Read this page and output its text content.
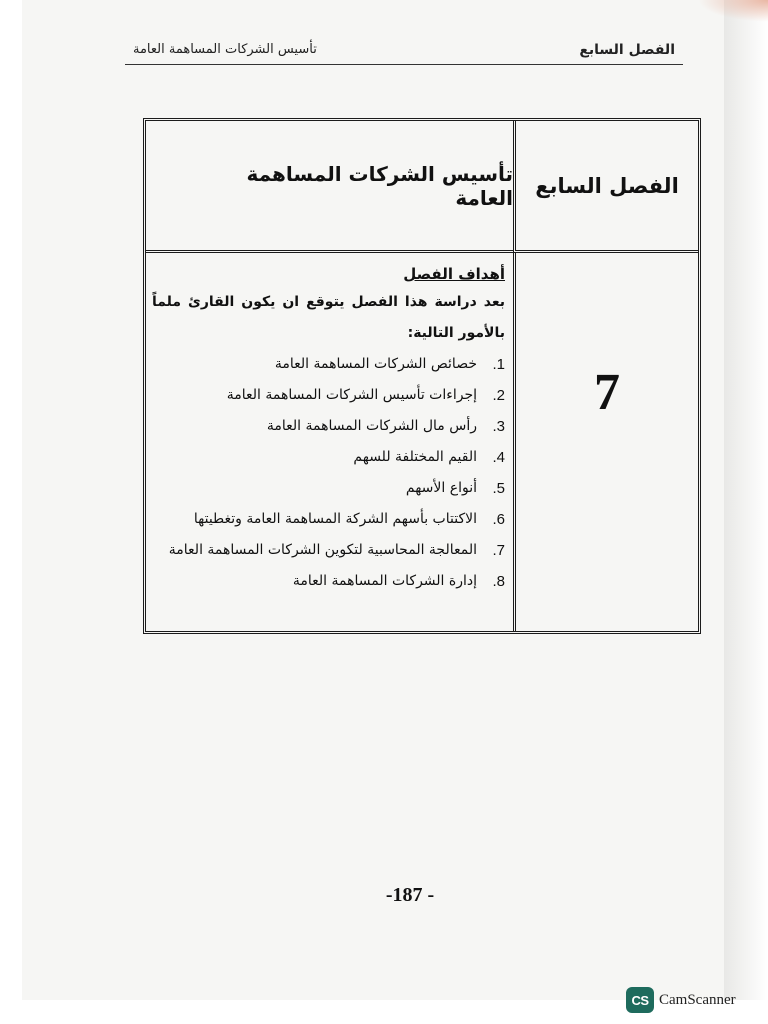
الفصل السابع
تأسيس الشركات المساهمة العامة
الفصل السابع
تأسيس الشركات المساهمة العامة
7
أهداف الفصل
بعد دراسة هذا الفصل يتوقع ان يكون القارئ ملماً بالأمور التالية:
1.
خصائص الشركات المساهمة العامة
2.
إجراءات تأسيس الشركات المساهمة العامة
3.
رأس مال الشركات المساهمة العامة
4.
القيم المختلفة للسهم
5.
أنواع الأسهم
6.
الاكتتاب بأسهم الشركة المساهمة العامة وتغطيتها
7.
المعالجة المحاسبية لتكوين الشركات المساهمة العامة
8.
إدارة الشركات المساهمة العامة
-187 -
CS CamScanner
